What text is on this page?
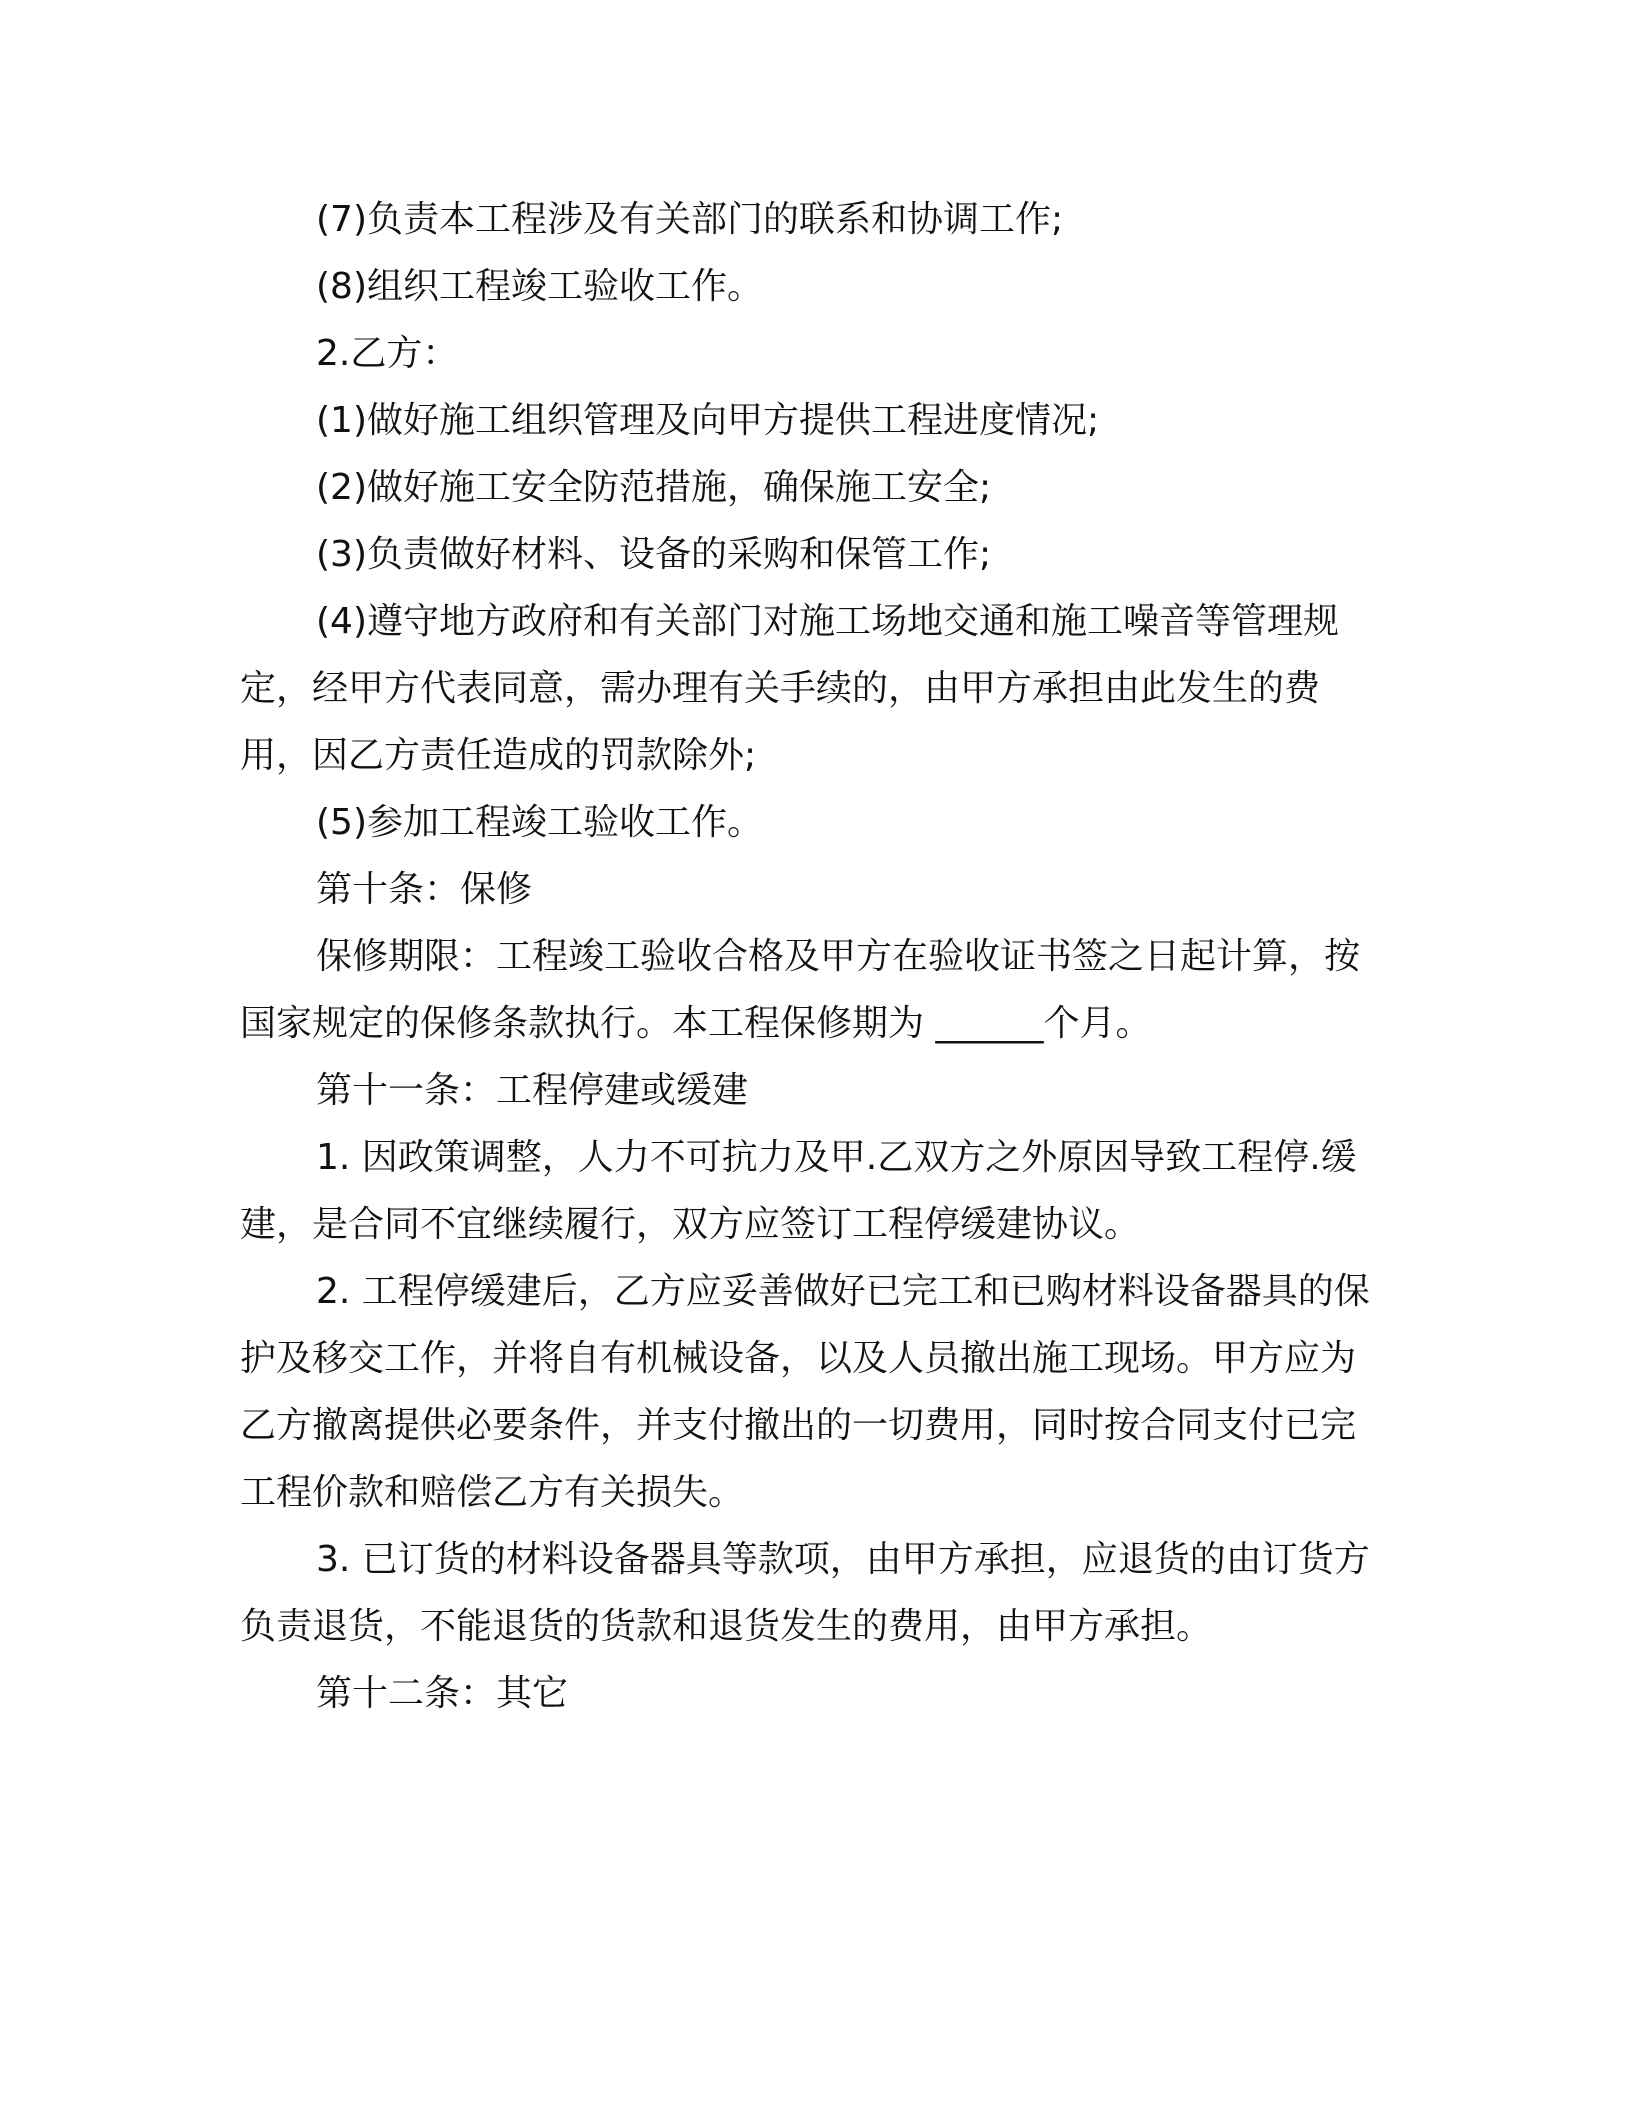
(7)负责本工程涉及有关部门的联系和协调工作;

(8)组织工程竣工验收工作。

2.乙方：

(1)做好施工组织管理及向甲方提供工程进度情况;

(2)做好施工安全防范措施，确保施工安全;

(3)负责做好材料、设备的采购和保管工作;

(4)遵守地方政府和有关部门对施工场地交通和施工噪音等管理规定，经甲方代表同意，需办理有关手续的，由甲方承担由此发生的费用，因乙方责任造成的罚款除外;

(5)参加工程竣工验收工作。

第十条：保修

保修期限：工程竣工验收合格及甲方在验收证书签之日起计算，按国家规定的保修条款执行。本工程保修期为 ______个月。

第十一条：工程停建或缓建

1. 因政策调整，人力不可抗力及甲.乙双方之外原因导致工程停.缓建，是合同不宜继续履行，双方应签订工程停缓建协议。

2. 工程停缓建后，乙方应妥善做好已完工和已购材料设备器具的保护及移交工作，并将自有机械设备，以及人员撤出施工现场。甲方应为乙方撤离提供必要条件，并支付撤出的一切费用，同时按合同支付已完工程价款和赔偿乙方有关损失。

3. 已订货的材料设备器具等款项，由甲方承担，应退货的由订货方负责退货，不能退货的货款和退货发生的费用，由甲方承担。

第十二条：其它
